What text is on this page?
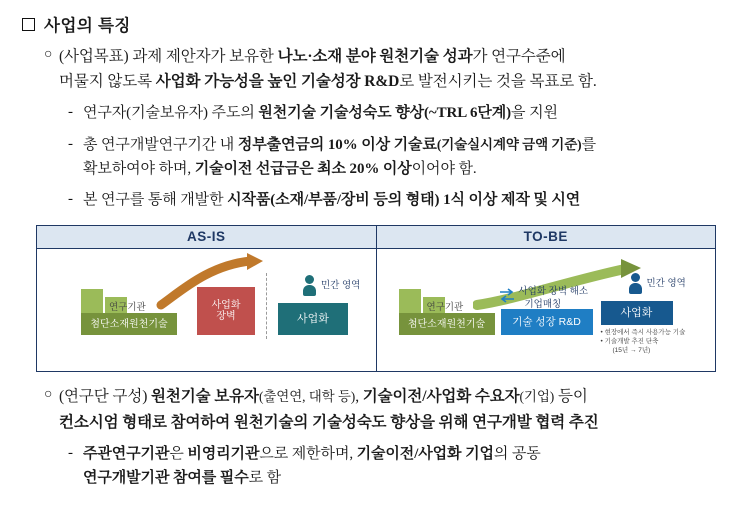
사업의 특징
○ (사업목표) 과제 제안자가 보유한 나노·소재 분야 원천기술 성과가 연구수준에
머물지 않도록 사업화 가능성을 높인 기술성장 R&D로 발전시키는 것을 목표로 함.
- 연구자(기술보유자) 주도의 원천기술 기술성숙도 향상(~TRL 6단계)을 지원
- 총 연구개발연구기간 내 정부출연금의 10% 이상 기술료(기술실시계약 금액 기준)를
확보하여야 하며, 기술이전 선급금은 최소 20% 이상이어야 함.
- 본 연구를 통해 개발한 시작품(소재/부품/장비 등의 형태) 1식 이상 제작 및 시연
AS-IS	TO-BE
첨단소재원천기술
연구기관	사업화
장벽	사업화
민간 영역
첨단소재원천기술
연구기관
기술 성장 R&D
사업화 장벽 해소
기업매칭
사업화
민간 영역
• 현장에서 즉시 사용가능 기술
• 기술개발 추진 단축
(15년 → 7년)
○ (연구단 구성) 원천기술 보유자(출연연, 대학 등), 기술이전/사업화 수요자(기업) 등이
컨소시엄 형태로 참여하여 원천기술의 기술성숙도 향상을 위해 연구개발 협력 추진
- 주관연구기관은 비영리기관으로 제한하며, 기술이전/사업화 기업의 공동
연구개발기관 참여를 필수로 함
